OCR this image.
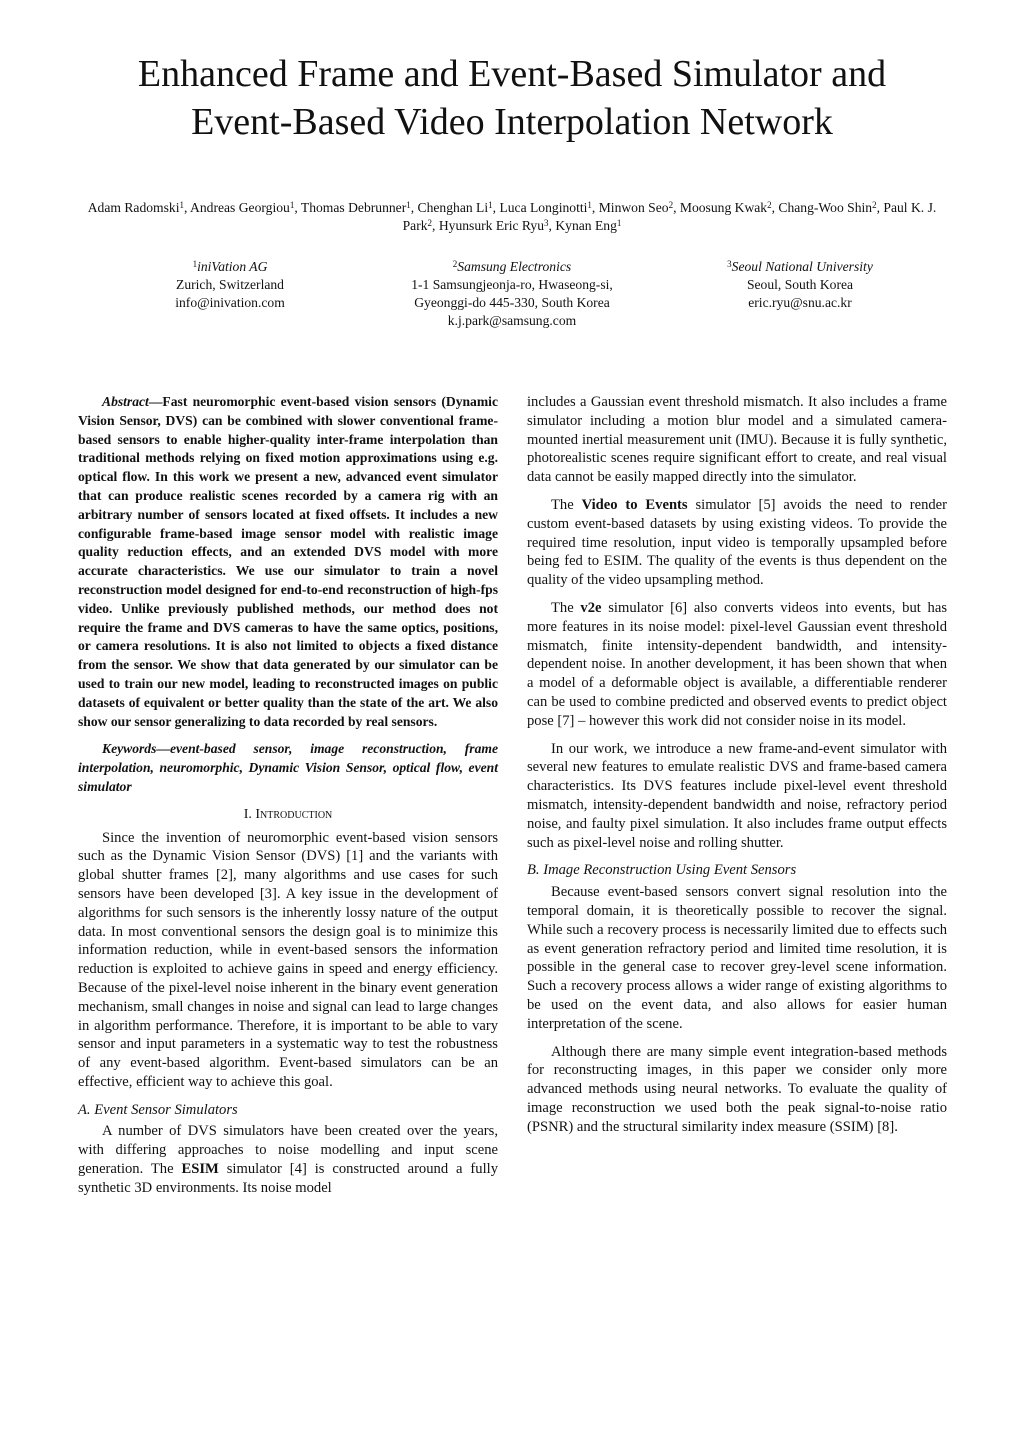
Enhanced Frame and Event-Based Simulator and
Event-Based Video Interpolation Network
Adam Radomski$^1$, Andreas Georgiou$^1$, Thomas Debrunner$^1$, Chenghan Li$^1$, Luca Longinotti$^1$, Minwon Seo$^2$, Moosung Kwak$^2$, Chang-Woo Shin$^2$, Paul K. J. Park$^2$, Hyunsurk Eric Ryu$^3$, Kynan Eng$^1$
$^1$iniVation AG
Zurich, Switzerland
info@inivation.com
$^2$Samsung Electronics
1-1 Samsungjeonja-ro, Hwaseong-si,
Gyeonggi-do 445-330, South Korea
k.j.park@samsung.com
$^3$Seoul National University
Seoul, South Korea
eric.ryu@snu.ac.kr

Abstract—Fast neuromorphic event-based vision sensors (Dynamic Vision Sensor, DVS) can be combined with slower conventional frame-based sensors to enable higher-quality inter-frame interpolation than traditional methods relying on fixed motion approximations using e.g. optical flow. In this work we present a new, advanced event simulator that can produce realistic scenes recorded by a camera rig with an arbitrary number of sensors located at fixed offsets. It includes a new configurable frame-based image sensor model with realistic image quality reduction effects, and an extended DVS model with more accurate characteristics. We use our simulator to train a novel reconstruction model designed for end-to-end reconstruction of high-fps video. Unlike previously published methods, our method does not require the frame and DVS cameras to have the same optics, positions, or camera resolutions. It is also not limited to objects a fixed distance from the sensor. We show that data generated by our simulator can be used to train our new model, leading to reconstructed images on public datasets of equivalent or better quality than the state of the art. We also show our sensor generalizing to data recorded by real sensors.

Keywords—event-based sensor, image reconstruction, frame interpolation, neuromorphic, Dynamic Vision Sensor, optical flow, event simulator

I. Introduction

Since the invention of neuromorphic event-based vision sensors such as the Dynamic Vision Sensor (DVS) [1] and the variants with global shutter frames [2], many algorithms and use cases for such sensors have been developed [3]. A key issue in the development of algorithms for such sensors is the inherently lossy nature of the output data. In most conventional sensors the design goal is to minimize this information reduction, while in event-based sensors the information reduction is exploited to achieve gains in speed and energy efficiency. Because of the pixel-level noise inherent in the binary event generation mechanism, small changes in noise and signal can lead to large changes in algorithm performance. Therefore, it is important to be able to vary sensor and input parameters in a systematic way to test the robustness of any event-based algorithm. Event-based simulators can be an effective, efficient way to achieve this goal.

A. Event Sensor Simulators

A number of DVS simulators have been created over the years, with differing approaches to noise modelling and input scene generation. The ESIM simulator [4] is constructed around a fully synthetic 3D environments. Its noise model

includes a Gaussian event threshold mismatch. It also includes a frame simulator including a motion blur model and a simulated camera-mounted inertial measurement unit (IMU). Because it is fully synthetic, photorealistic scenes require significant effort to create, and real visual data cannot be easily mapped directly into the simulator.

The Video to Events simulator [5] avoids the need to render custom event-based datasets by using existing videos. To provide the required time resolution, input video is temporally upsampled before being fed to ESIM. The quality of the events is thus dependent on the quality of the video upsampling method.

The v2e simulator [6] also converts videos into events, but has more features in its noise model: pixel-level Gaussian event threshold mismatch, finite intensity-dependent bandwidth, and intensity-dependent noise. In another development, it has been shown that when a model of a deformable object is available, a differentiable renderer can be used to combine predicted and observed events to predict object pose [7] – however this work did not consider noise in its model.

In our work, we introduce a new frame-and-event simulator with several new features to emulate realistic DVS and frame-based camera characteristics. Its DVS features include pixel-level event threshold mismatch, intensity-dependent bandwidth and noise, refractory period noise, and faulty pixel simulation. It also includes frame output effects such as pixel-level noise and rolling shutter.

B. Image Reconstruction Using Event Sensors

Because event-based sensors convert signal resolution into the temporal domain, it is theoretically possible to recover the signal. While such a recovery process is necessarily limited due to effects such as event generation refractory period and limited time resolution, it is possible in the general case to recover grey-level scene information. Such a recovery process allows a wider range of existing algorithms to be used on the event data, and also allows for easier human interpretation of the scene.

Although there are many simple event integration-based methods for reconstructing images, in this paper we consider only more advanced methods using neural networks. To evaluate the quality of image reconstruction we used both the peak signal-to-noise ratio (PSNR) and the structural similarity index measure (SSIM) [8].
